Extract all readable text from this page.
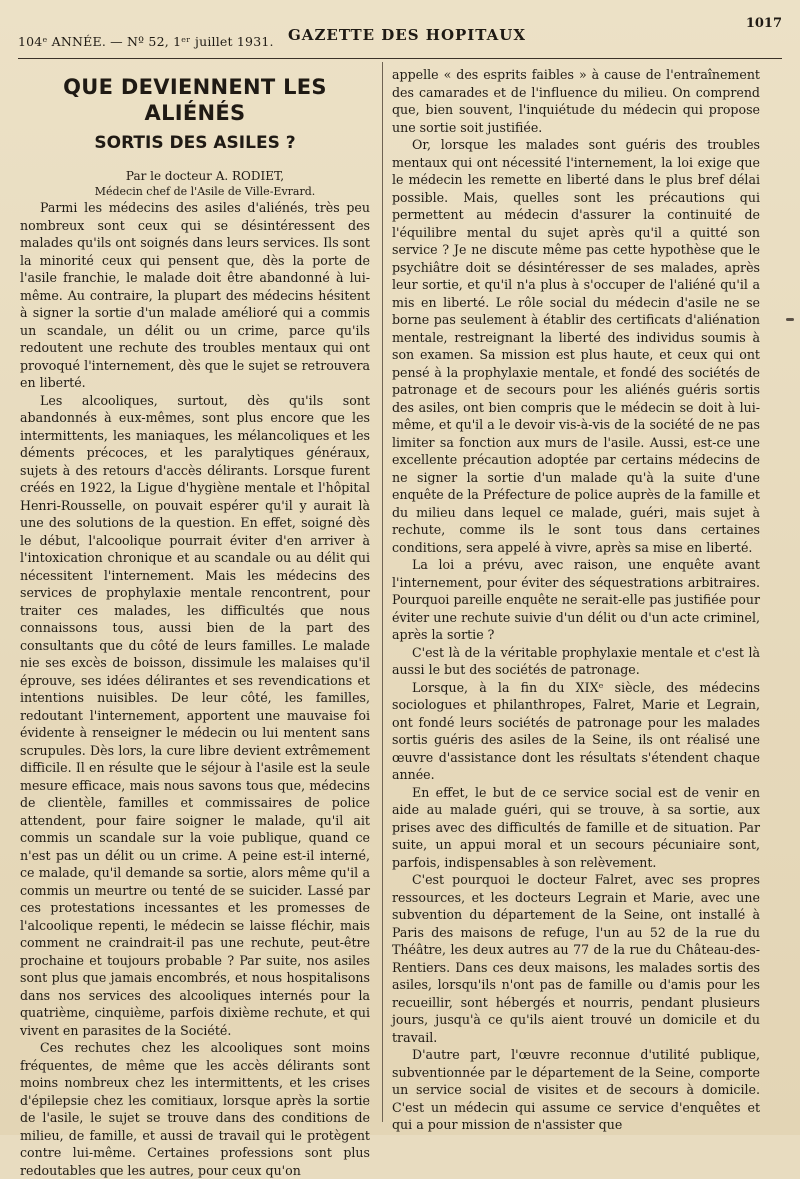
104ᵉ ANNÉE. — Nº 52, 1ᵉʳ juillet 1931. GAZETTE DES HOPITAUX
1017
QUE DEVIENNENT LES ALIÉNÉS
SORTIS DES ASILES ?

Par le docteur A. RODIET,

Médecin chef de l'Asile de Ville-Evrard.

Parmi les médecins des asiles d'aliénés, très peu nombreux sont ceux qui se désintéressent des malades qu'ils ont soignés dans leurs services. Ils sont la minorité ceux qui pensent que, dès la porte de l'asile franchie, le malade doit être abandonné à lui-même. Au contraire, la plupart des médecins hésitent à signer la sortie d'un malade amélioré qui a commis un scandale, un délit ou un crime, parce qu'ils redoutent une rechute des troubles mentaux qui ont provoqué l'internement, dès que le sujet se retrouvera en liberté.

Les alcooliques, surtout, dès qu'ils sont abandonnés à eux-mêmes, sont plus encore que les intermittents, les maniaques, les mélancoliques et les déments précoces, et les paralytiques généraux, sujets à des retours d'accès délirants. Lorsque furent créés en 1922, la Ligue d'hygiène mentale et l'hôpital Henri-Rousselle, on pouvait espérer qu'il y aurait là une des solutions de la question. En effet, soigné dès le début, l'alcoolique pourrait éviter d'en arriver à l'intoxication chronique et au scandale ou au délit qui nécessitent l'internement. Mais les médecins des services de prophylaxie mentale rencontrent, pour traiter ces malades, les difficultés que nous connaissons tous, aussi bien de la part des consultants que du côté de leurs familles. Le malade nie ses excès de boisson, dissimule les malaises qu'il éprouve, ses idées délirantes et ses revendications et intentions nuisibles. De leur côté, les familles, redoutant l'internement, apportent une mauvaise foi évidente à renseigner le médecin ou lui mentent sans scrupules. Dès lors, la cure libre devient extrêmement difficile. Il en résulte que le séjour à l'asile est la seule mesure efficace, mais nous savons tous que, médecins de clientèle, familles et commissaires de police attendent, pour faire soigner le malade, qu'il ait commis un scandale sur la voie publique, quand ce n'est pas un délit ou un crime. A peine est-il interné, ce malade, qu'il demande sa sortie, alors même qu'il a commis un meurtre ou tenté de se suicider. Lassé par ces protestations incessantes et les promesses de l'alcoolique repenti, le médecin se laisse fléchir, mais comment ne craindrait-il pas une rechute, peut-être prochaine et toujours probable ? Par suite, nos asiles sont plus que jamais encombrés, et nous hospitalisons dans nos services des alcooliques internés pour la quatrième, cinquième, parfois dixième rechute, et qui vivent en parasites de la Société.

Ces rechutes chez les alcooliques sont moins fréquentes, de même que les accès délirants sont moins nombreux chez les intermittents, et les crises d'épilepsie chez les comitiaux, lorsque après la sortie de l'asile, le sujet se trouve dans des conditions de milieu, de famille, et aussi de travail qui le protègent contre lui-même. Certaines professions sont plus redoutables que les autres, pour ceux qu'on

appelle « des esprits faibles » à cause de l'entraînement des camarades et de l'influence du milieu. On comprend que, bien souvent, l'inquiétude du médecin qui propose une sortie soit justifiée.

Or, lorsque les malades sont guéris des troubles mentaux qui ont nécessité l'internement, la loi exige que le médecin les remette en liberté dans le plus bref délai possible. Mais, quelles sont les précautions qui permettent au médecin d'assurer la continuité de l'équilibre mental du sujet après qu'il a quitté son service ? Je ne discute même pas cette hypothèse que le psychiâtre doit se désintéresser de ses malades, après leur sortie, et qu'il n'a plus à s'occuper de l'aliéné qu'il a mis en liberté. Le rôle social du médecin d'asile ne se borne pas seulement à établir des certificats d'aliénation mentale, restreignant la liberté des individus soumis à son examen. Sa mission est plus haute, et ceux qui ont pensé à la prophylaxie mentale, et fondé des sociétés de patronage et de secours pour les aliénés guéris sortis des asiles, ont bien compris que le médecin se doit à lui-même, et qu'il a le devoir vis-à-vis de la société de ne pas limiter sa fonction aux murs de l'asile. Aussi, est-ce une excellente précaution adoptée par certains médecins de ne signer la sortie d'un malade qu'à la suite d'une enquête de la Préfecture de police auprès de la famille et du milieu dans lequel ce malade, guéri, mais sujet à rechute, comme ils le sont tous dans certaines conditions, sera appelé à vivre, après sa mise en liberté.

La loi a prévu, avec raison, une enquête avant l'internement, pour éviter des séquestrations arbitraires. Pourquoi pareille enquête ne serait-elle pas justifiée pour éviter une rechute suivie d'un délit ou d'un acte criminel, après la sortie ?

C'est là de la véritable prophylaxie mentale et c'est là aussi le but des sociétés de patronage.

Lorsque, à la fin du XIXᵉ siècle, des médecins sociologues et philanthropes, Falret, Marie et Legrain, ont fondé leurs sociétés de patronage pour les malades sortis guéris des asiles de la Seine, ils ont réalisé une œuvre d'assistance dont les résultats s'étendent chaque année.

En effet, le but de ce service social est de venir en aide au malade guéri, qui se trouve, à sa sortie, aux prises avec des difficultés de famille et de situation. Par suite, un appui moral et un secours pécuniaire sont, parfois, indispensables à son relèvement.

C'est pourquoi le docteur Falret, avec ses propres ressources, et les docteurs Legrain et Marie, avec une subvention du département de la Seine, ont installé à Paris des maisons de refuge, l'un au 52 de la rue du Théâtre, les deux autres au 77 de la rue du Château-des-Rentiers. Dans ces deux maisons, les malades sortis des asiles, lorsqu'ils n'ont pas de famille ou d'amis pour les recueillir, sont hébergés et nourris, pendant plusieurs jours, jusqu'à ce qu'ils aient trouvé un domicile et du travail.

D'autre part, l'œuvre reconnue d'utilité publique, subventionnée par le département de la Seine, comporte un service social de visites et de secours à domicile. C'est un médecin qui assume ce service d'enquêtes et qui a pour mission de n'assister que
